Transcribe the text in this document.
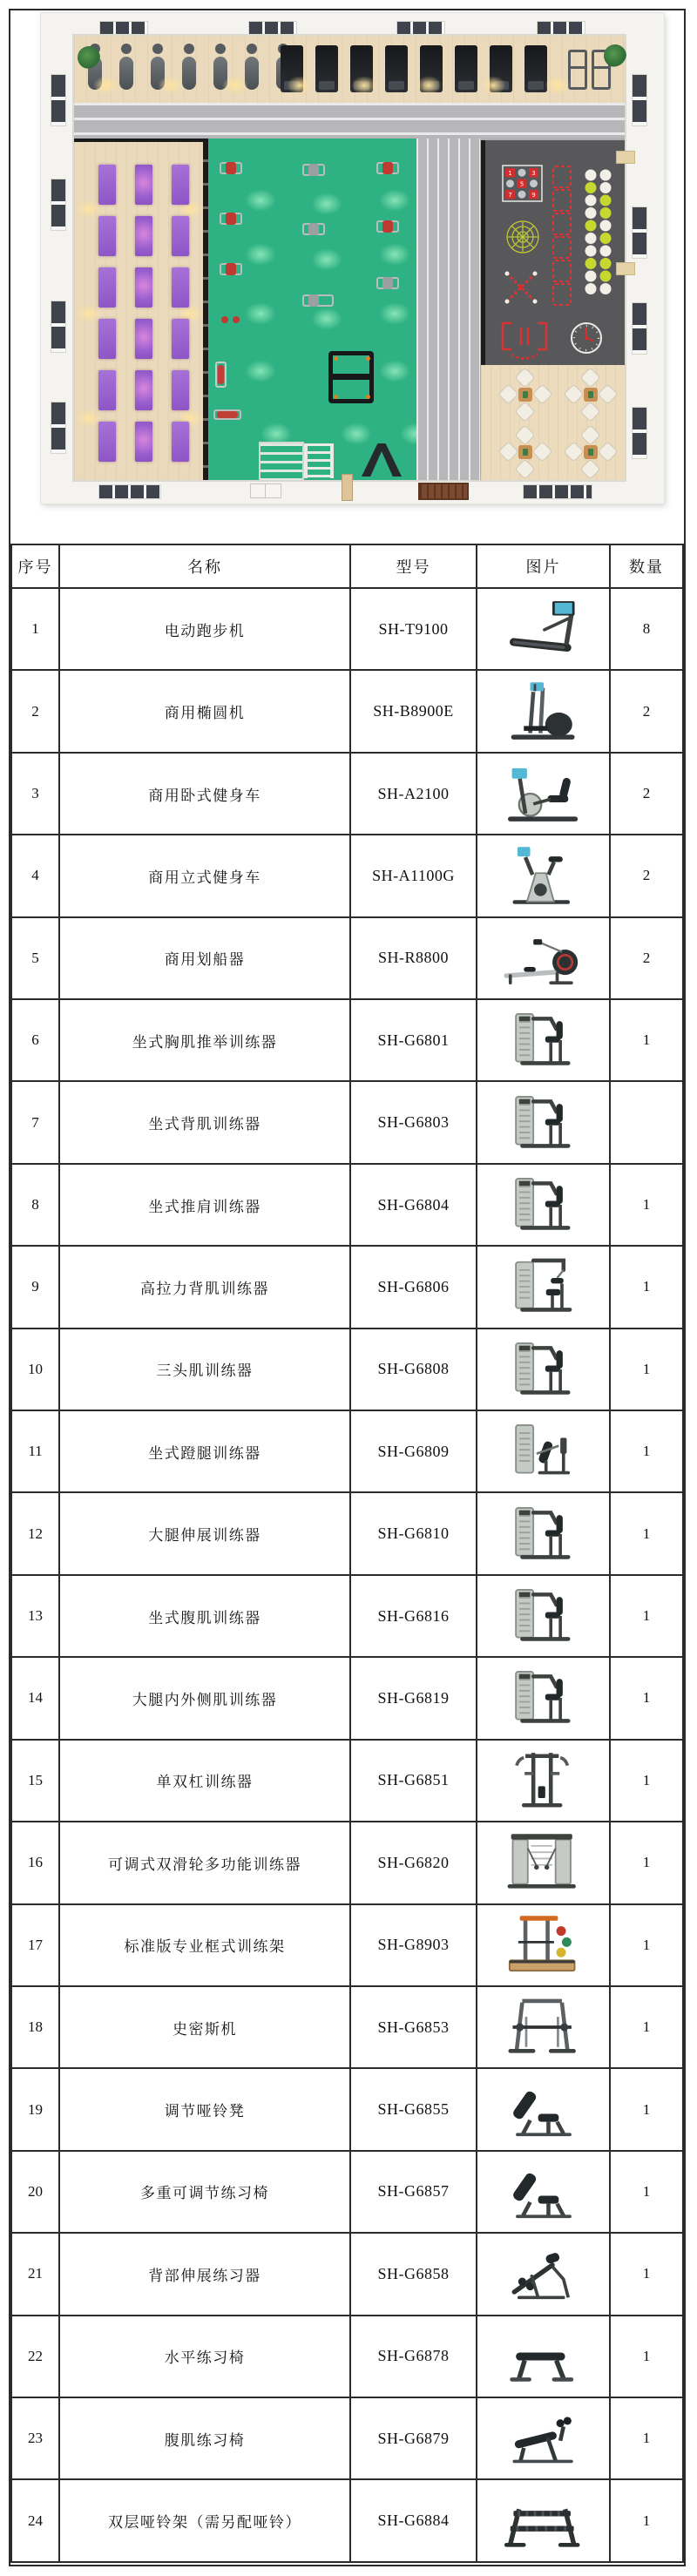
1	3
5
7	9
序号	名称	型号	图片	数量
1	电动跑步机	SH-T9100		8
2	商用椭圆机	SH-B8900E		2
3	商用卧式健身车	SH-A2100		2
4	商用立式健身车	SH-A1100G		2
5	商用划船器	SH-R8800		2
6	坐式胸肌推举训练器	SH-G6801		1
7	坐式背肌训练器	SH-G6803	

8	坐式推肩训练器	SH-G6804		1
9	高拉力背肌训练器	SH-G6806		1
10	三头肌训练器	SH-G6808		1
11	坐式蹬腿训练器	SH-G6809		1
12	大腿伸展训练器	SH-G6810		1
13	坐式腹肌训练器	SH-G6816		1
14	大腿内外侧肌训练器	SH-G6819		1
15	单双杠训练器	SH-G6851		1
16	可调式双滑轮多功能训练器	SH-G6820		1
17	标准版专业框式训练架	SH-G8903		1
18	史密斯机	SH-G6853		1
19	调节哑铃凳	SH-G6855		1
20	多重可调节练习椅	SH-G6857		1
21	背部伸展练习器	SH-G6858		1
22	水平练习椅	SH-G6878		1
23	腹肌练习椅	SH-G6879		1
24	双层哑铃架（需另配哑铃）	SH-G6884		1
